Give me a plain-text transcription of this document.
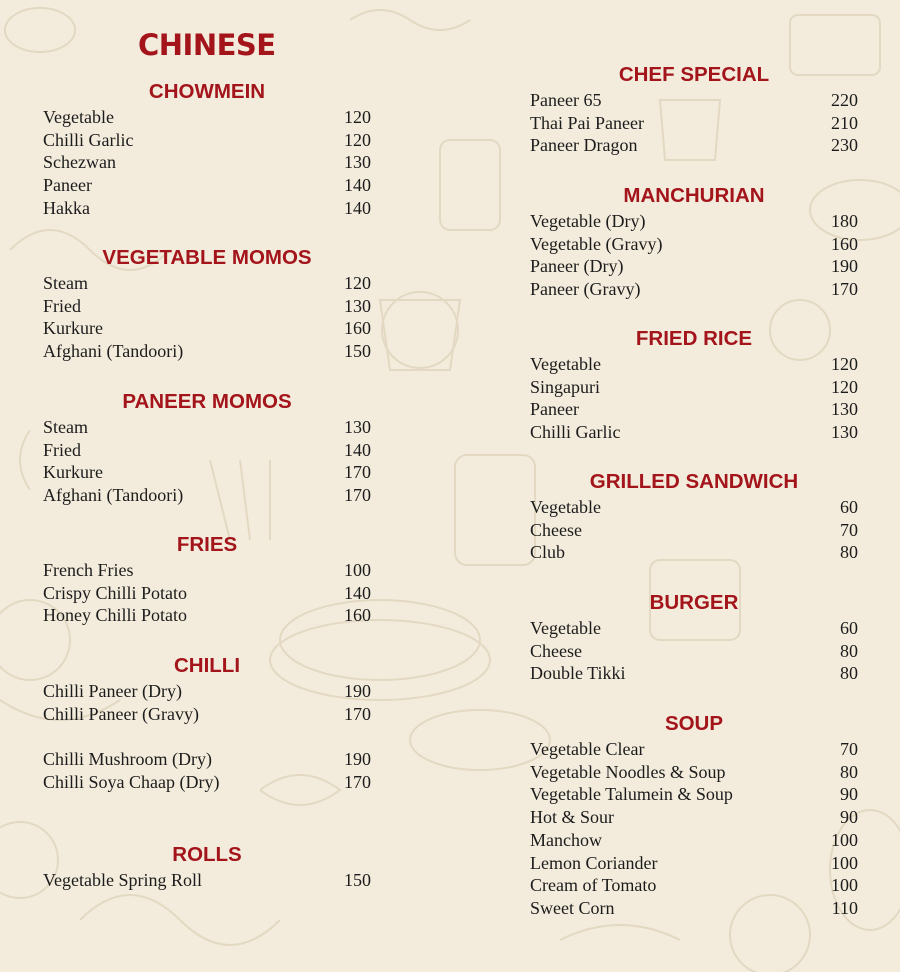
CHINESE
CHOWMEIN
Vegetable	120
Chilli Garlic	120
Schezwan	130
Paneer	140
Hakka	140
VEGETABLE MOMOS
Steam	120
Fried	130
Kurkure	160
Afghani (Tandoori)	150
PANEER MOMOS
Steam	130
Fried	140
Kurkure	170
Afghani (Tandoori)	170
FRIES
French Fries	100
Crispy Chilli Potato	140
Honey Chilli Potato	160
CHILLI
Chilli Paneer (Dry)	190
Chilli Paneer (Gravy)	170
Chilli Mushroom (Dry)	190
Chilli Soya Chaap (Dry)	170
ROLLS
Vegetable Spring Roll	150
CHEF SPECIAL
Paneer 65	220
Thai Pai Paneer	210
Paneer Dragon	230
MANCHURIAN
Vegetable (Dry)	180
Vegetable (Gravy)	160
Paneer (Dry)	190
Paneer (Gravy)	170
FRIED RICE
Vegetable	120
Singapuri	120
Paneer	130
Chilli Garlic	130
GRILLED SANDWICH
Vegetable	60
Cheese	70
Club	80
BURGER
Vegetable	60
Cheese	80
Double Tikki	80
SOUP
Vegetable Clear	70
Vegetable Noodles & Soup	80
Vegetable Talumein & Soup	90
Hot & Sour	90
Manchow	100
Lemon Coriander	100
Cream of Tomato	100
Sweet Corn	110
